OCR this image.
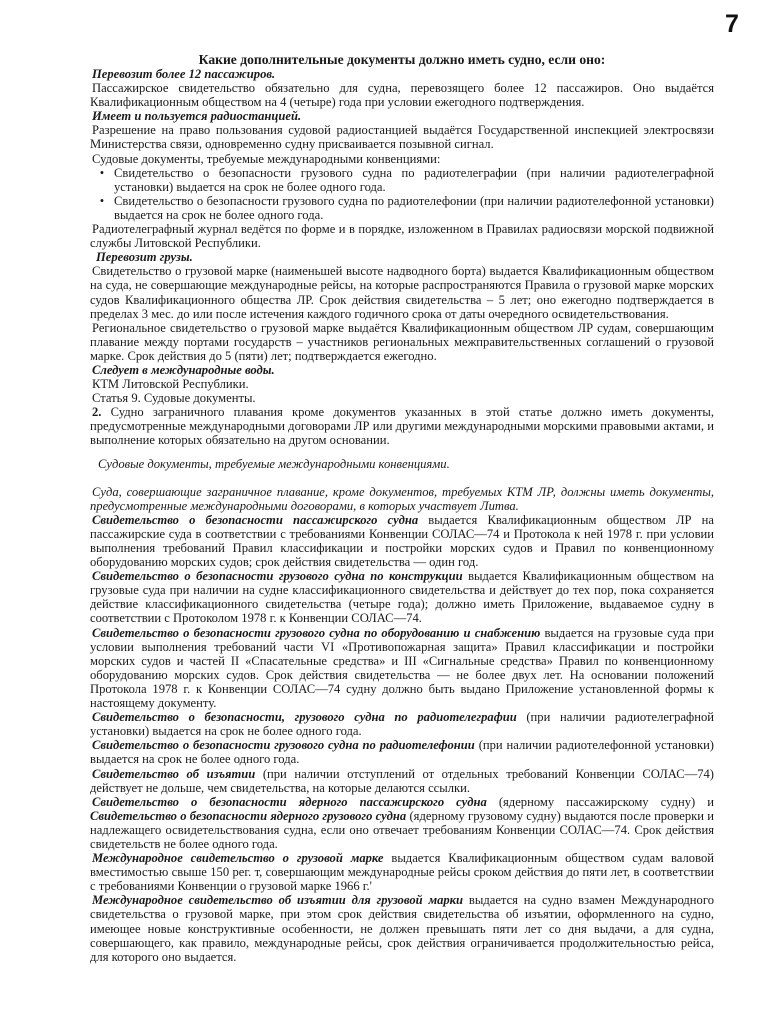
7
Какие дополнительные документы должно иметь судно, если оно:

Перевозит более 12 пассажиров.

Пассажирское свидетельство обязательно для судна, перевозящего более 12 пассажиров. Оно выдаётся Квалификационным обществом на 4 (четыре) года при условии ежегодного подтверждения.

Имеет и пользуется радиостанцией.

Разрешение на право пользования судовой радиостанцией выдаётся Государственной инспекцией электросвязи Министерства связи, одновременно судну присваивается позывной сигнал.

Судовые документы, требуемые международными конвенциями:

• Свидетельство о безопасности грузового судна по радиотелеграфии (при наличии радиотелеграфной установки) выдается на срок не более одного года.
• Свидетельство о безопасности грузового судна по радиотелефонии (при наличии радиотелефонной установки) выдается на срок не более одного года.

Радиотелеграфный журнал ведётся по форме и в порядке, изложенном в Правилах радиосвязи морской подвижной службы Литовской Республики.

Перевозит грузы.

Свидетельство о грузовой марке (наименьшей высоте надводного борта) выдается Квалификационным обществом на суда, не совершающие международные рейсы, на которые распространяются Правила о грузовой марке морских судов Квалификационного общества ЛР. Срок действия свидетельства – 5 лет; оно ежегодно подтверждается в пределах 3 мес. до или после истечения каждого годичного срока от даты очередного освидетельствования.

Региональное свидетельство о грузовой марке выдаётся Квалификационным обществом ЛР судам, совершающим плавание между портами государств – участников региональных межправительственных соглашений о грузовой марке. Срок действия до 5 (пяти) лет; подтверждается ежегодно.

Следует в международные воды.

КТМ Литовской Республики.

Статья 9. Судовые документы.

2. Судно заграничного плавания кроме документов указанных в этой статье должно иметь документы, предусмотренные международными договорами ЛР или другими международными морскими правовыми актами, и выполнение которых обязательно на другом основании.

Судовые документы, требуемые международными конвенциями.

Суда, совершающие заграничное плавание, кроме документов, требуемых КТМ ЛР, должны иметь документы, предусмотренные международными договорами, в которых участвует Литва.

Свидетельство о безопасности пассажирского судна выдается Квалификационным обществом ЛР на пассажирские суда в соответствии с требованиями Конвенции СОЛАС—74 и Протокола к ней 1978 г. при условии выполнения требований Правил классификации и постройки морских судов и Правил по конвенционному оборудованию морских судов; срок действия свидетельства — один год.

Свидетельство о безопасности грузового судна по конструкции выдается Квалификационным обществом на грузовые суда при наличии на судне классификационного свидетельства и действует до тех пор, пока сохраняется действие классификационного свидетельства (четыре года); должно иметь Приложение, выдаваемое судну в соответствии с Протоколом 1978 г. к Конвенции СОЛАС—74.

Свидетельство о безопасности грузового судна по оборудованию и снабжению выдается на грузовые суда при условии выполнения требований части VI «Противопожарная защита» Правил классификации и постройки морских судов и частей II «Спасательные средства» и III «Сигнальные средства» Правил по конвенционному оборудованию морских судов. Срок действия свидетельства — не более двух лет. На основании положений Протокола 1978 г. к Конвенции СОЛАС—74 судну должно быть выдано Приложение установленной формы к настоящему документу.

Свидетельство о безопасности, грузового судна по радиотелеграфии (при наличии радиотелеграфной установки) выдается на срок не более одного года.

Свидетельство о безопасности грузового судна по радиотелефонии (при наличии радиотелефонной установки) выдается на срок не более одного года.

Свидетельство об изъятии (при наличии отступлений от отдельных требований Конвенции СОЛАС—74) действует не дольше, чем свидетельства, на которые делаются ссылки.

Свидетельство о безопасности ядерного пассажирского судна (ядерному пассажирскому судну) и Свидетельство о безопасности ядерного грузового судна (ядерному грузовому судну) выдаются после проверки и надлежащего освидетельствования судна, если оно отвечает требованиям Конвенции СОЛАС—74. Срок действия свидетельств не более одного года.

Международное свидетельство о грузовой марке выдается Квалификационным обществом судам валовой вместимостью свыше 150 рег. т, совершающим международные рейсы сроком действия до пяти лет, в соответствии с требованиями Конвенции о грузовой марке 1966 г.'

Международное свидетельство об изъятии для грузовой марки выдается на судно взамен Международного свидетельства о грузовой марке, при этом срок действия свидетельства об изъятии, оформленного на судно, имеющее новые конструктивные особенности, не должен превышать пяти лет со дня выдачи, а для судна, совершающего, как правило, международные рейсы, срок действия ограничивается продолжительностью рейса, для которого оно выдается.
